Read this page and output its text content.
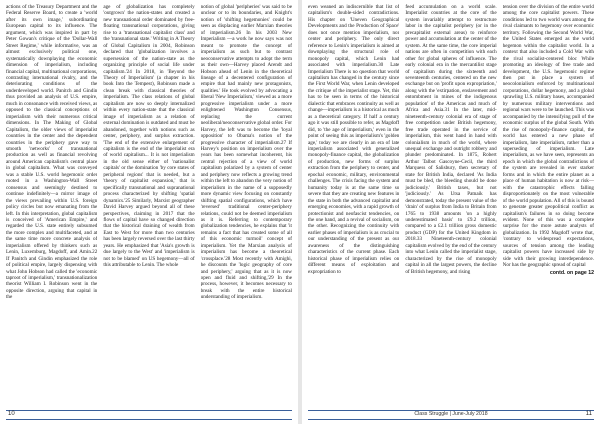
actions of the Treasury Department and the Federal Reserve Board, to create a 'world after its own image,' subordinating European capital to its influence. The argument, which was inspired in part by Peter Gowan's critique of the 'Dollar-Wall Street Regime,' while informative, was an almost exclusively political one, systematically downplaying the economic dimension of imperialism, including financial capital, multinational corporations, contrasting international rivalry, and the deteriorating conditions of the underdeveloped world. Panitch and Gindin thus provided an analysis of U.S. empire, much in consonance with received views, as opposed to the classical conceptions of imperialism with their numerous critical dimensions. In The Making of Global Capitalism, the older views of imperialist countries in the center and the dependent countries in the periphery gave way to smooth 'networks' of transnational production as well as financial revolving around American capitalism's central place in global capitalism. What was conveyed was a stable U.S. world hegemonic order rooted in a Washington-Wall Street consensus and seemingly destined to continue indefinitely—a mirror image of the views prevailing within U.S. foreign policy circles but now emanating from the left. In this interpretation, global capitalism is conceived of 'American Empire,' and regarded the U.S. state entirely subsumed the more complex and multifaceted, and at the same time more concrete analysis of imperialism offered by thinkers such as Lenin, Luxemburg, Magdoff, and Amin.22 If Panitch and Gindin emphasized the role of political empire, largely dispensing with what John Hobson had called the 'economic taproot of imperialism,' transnationalization theorist William I. Robinson went in the opposite direction, arguing that capital in the

age of globalization has completely 'outgrown' the nation-states and created a new transnational order dominated by free-floating transnational corporations, giving rise to a 'transnational capitalist class' and the 'transnational state.' Writing in A Theory of Global Capitalism in 2004, Robinson declared that 'globalization involves a supersession of the nation-state as the organizing principle of social life under capitalism.'24 In 2018, in 'Beyond the Theory of Imperialism' (a chapter in his book Into the Tempest), Robinson made a clean break with classical theories of imperialism. The class relations of global capitalism are now so deeply internalized within every nation-state that the classical image of imperialism as a relation of external domination is outdated and must be abandoned, together with notions such as center, periphery, and surplus extraction. 'The end of the extensive enlargement of capitalism is the end of the imperialist era of world capitalism... It is not imperialism in the old sense either of 'nationalist capitals' or the domination 'by core states of peripheral regions' that is needed, but a 'theory of capitalist expansion,' that is specifically transnational and supranational process characterized by shifting 'spatial dynamics.'25 Similarly, Marxist geographer David Harvey argued beyond all of these perspectives, claiming in 2017 that the flows of capital have so changed direction that the historical draining of wealth from East to West for more than two centuries has been largely reversed over the last thirty years. He emphasized that 'Asia's growth is due largely to the West' and 'imperialism is not to be blamed' on US hegemony—all of this attributable to Lenin. The whole

notion of global 'peripheries' was said to be unclear or to its boundaries, and Knight's notion of 'shifting hegemonies' could be seen as displacing earlier Marxian theories of imperialism.26 In his 2003 New Imperialism —a work he now says was not meant to promote the concept of imperialism as such but to contrast neoconservative attempts to adopt the term as their own—Harvey placed Arendt and Hobson ahead of Lenin in the theoretical lineage of a decentered configuration of empire that had mainly new protagonists, qualities.' He took evolved by advocating a liberal 'New Imperialism,' viewed as a more progressive imperialism under a more enlightened Washington Consensus, replacing the current neoliberal/neoconservative global order. For Harvey, the left was to become the 'loyal opposition' to Obama's notion of the progressive character of imperialism.27 If Harvey's position on imperialism over the years has been somewhat incoherent, his central rejection of a view of world capitalism polarized by a system of center and periphery now reflects a growing trend within the left to abandon the very notion of imperialism in the name of a supposedly more dynamic view focusing on constantly shifting spatial configurations, which have 'reversed' traditional center-periphery relations, could not be deemed imperialism as it is. Referring to contemporary globalization tendencies, he explains that 'it remains a fact that has created some of all of this economic turmoil' concept of imperialism. Yet the Marxian analysis of imperialism has become a theoretical 'crossplace.'28 Most recently with Amighi, he discounts the 'logic geography of core and periphery,' arguing that as it is now open and fluid and shifting,'29 In the process, however, it becomes necessary to break with the entire historical understanding of imperialism.

10

even weaned an indiscernible that list of capitalism's double-sided contradictions. His chapter on 'Uneven Geographical Developments and the Production of Space' does not once mention imperialism, nor center and periphery. The only direct reference to Lenin's imperialism is aimed at downplaying the structural role of monopoly capital, which Lenin had associated with imperialism.30 Late Imperialism There is no question that world capitalism has changed in the century since the First World War, when Lenin developed the critique of the imperialist stage. Yet, this has to be seen in terms of the historical dialectic that embraces continuity as well as change—imperialism is a historical as much as a theoretical category. If half a century ago it was still possible to refer, as Magdoff did, to 'the age of imperialism,' even in the point of seeing this as imperialism's 'golden age,' today we are clearly in an era of late imperialism associated with generalized monopoly-finance capital, the globalization of production, new forms of surplus extraction from the periphery to center, and epochal economic, military, environmental challenges. The crisis facing the system and humanity today is at the same time so severe that they are creating new features in the state in both the advanced capitalist and emerging economies, with a rapid growth of protectionist and neofascist tendencies, on the one hand, and a revival of socialism, on the other. Recognizing the continuity with earlier phases of imperialism is as crucial to our understanding of the present as our awareness of the distinguishing characteristics of the current phase. Each historical phase of imperialism relies on different means of exploitation and expropriation to

feed accumulation on a world scale. Imperialist countries at the core of the system invariably attempt to restructure labor in the capitalist periphery (or in the precapitalist external areas) to reinforce power and accumulation at the center of the system. At the same time, the core imperial nations are often in competition with each other for global spheres of influence. The early colonial era in the mercantilist stage of capitalism during the sixteenth and seventeenth centuries, centered on the new exchange but on 'profit upon expropriation,' along with the 'extirpation, enslavement and entombment in mines of the indigenous population' of the Americas and much of Africa and Asia.31 In the later, mid-nineteenth-century colonial era of stage of free competition under British hegemony, free trade operated in the service of imperialism, this went hand in hand with colonialism in much of the world, where unequal exchange and outright robbery and plunder predominated. In 1875, Robert Arthur Talbot Gascoyne-Cecil, the third Marquess of Salisbury, then secretary of state for British India, declared 'As India must be bled, the bleeding should be done judiciously.' British taxes, but not 'judiciously.' As Utsa Patnaik has demonstrated, today the present value of the 'drain' of surplus from India to Britain from 1765 to 1938 amounts 'on a highly underestimated basis' to £9.2 trillion, compared to a £2.1 trillion gross domestic product (GDP) for the United Kingdom in 2018.33 Nineteenth-century colonial capitalism evolved by the end of the century into what Lenin called the imperialist stage, characterized by the rise of monopoly capital in all the largest powers, the decline of British hegemony, and rising

tension over the division of the entire world among the core capitalist powers. These conditions led to two world wars among the rival claimants to hegemony over economic territory. Following the Second World War, the United States emerged as the world hegemon within the capitalist world. In a context that also included a Cold War with the rival socialist-centered bloc While promoting an ideology of free trade and development, the U.S. hegemonic regime then put in place a system of neocolonialism enforced by multinational corporations, dollar hegemony, and a global sprawling U.S. military bases, accompanied by numerous military interventions and regional wars were to be launched. This was accompanied by the intensifying pull of the economic surplus of the global South. With the rise of monopoly-finance capital, the world has entered a new phase of imperialism, late imperialism, rather than a superseding of imperialism. Late imperialism, as we have seen, represents an epoch in which the global contradictions of the system are revealed in ever starker forms and in which the entire planet as a place of human habitation is now at risk—with the catastrophic effects falling disproportionately on the most vulnerable of the world population. All of this is bound to generate greater geopolitical conflict as capitalism's failures in so doing become evident. None of this was a complete surprise for the more astute analysts of globalization. In 1992 Magdoff wrote that, 'contrary to widespread expectations, sources of tension among the leading capitalist powers have increased side by side with their growing interdependence. Nor has the geographic spread of capital

contd. on page 12
Class Struggle | June-July 2018	11
